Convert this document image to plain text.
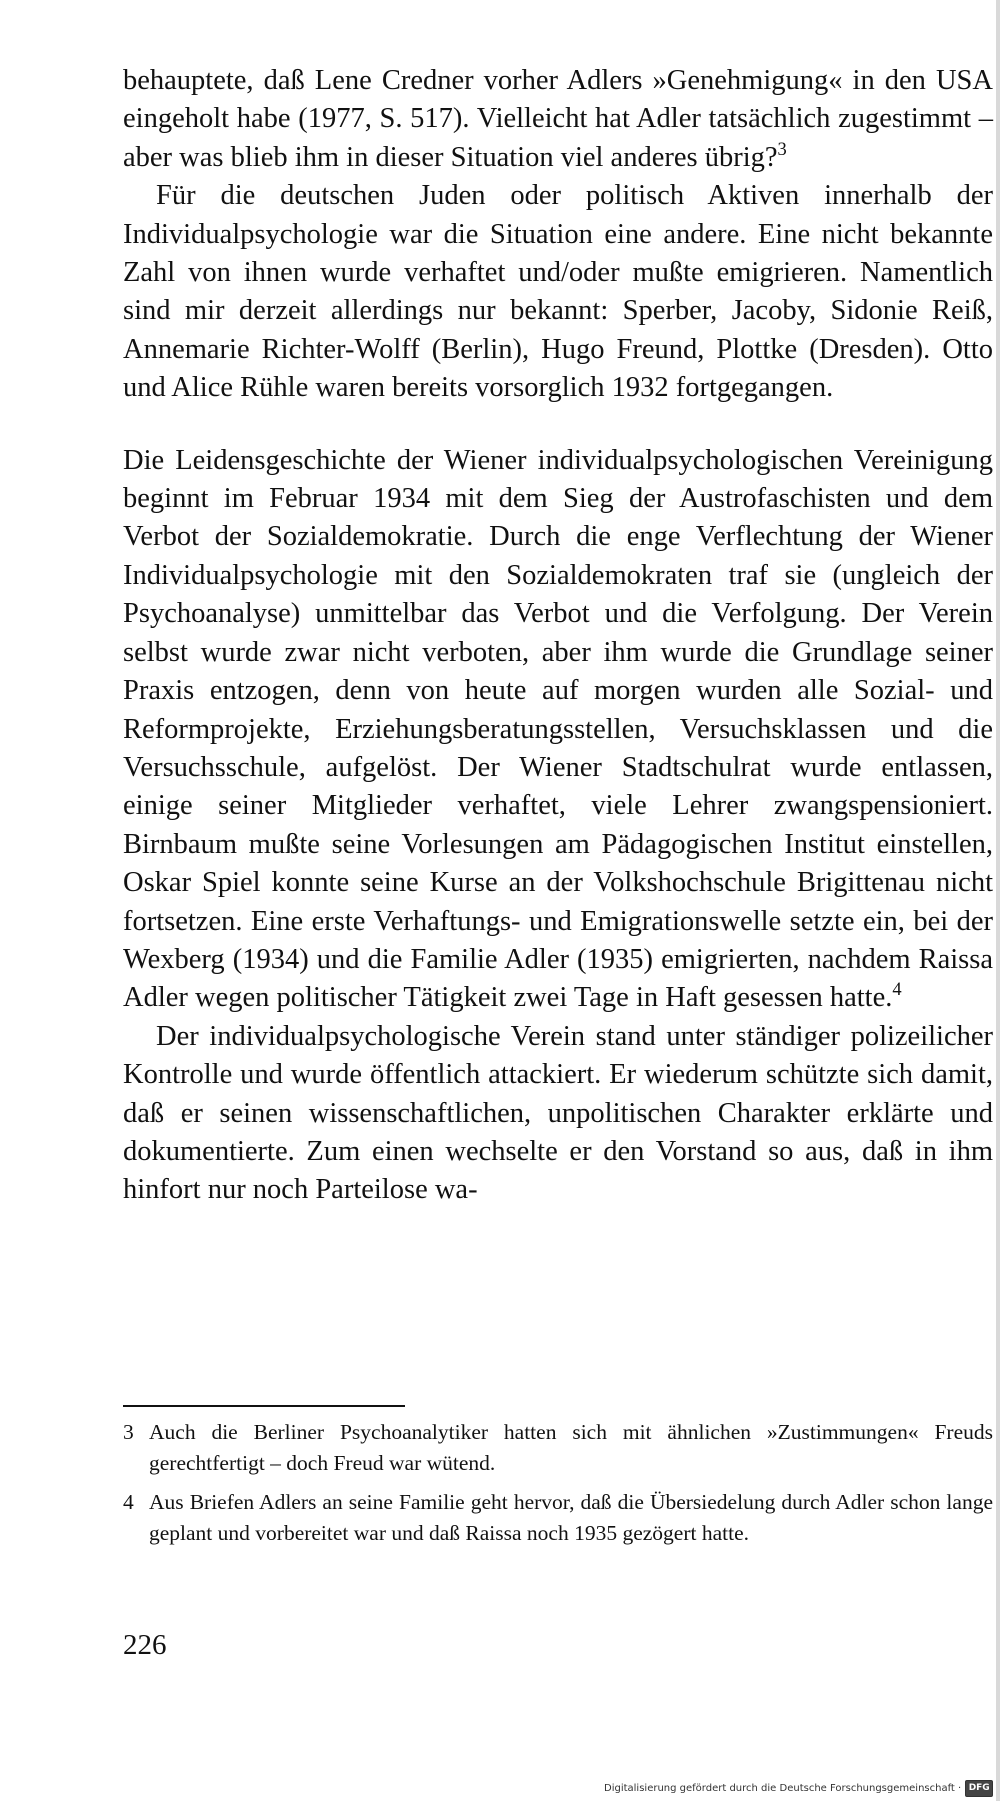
behauptete, daß Lene Credner vorher Adlers »Genehmigung« in den USA eingeholt habe (1977, S. 517). Vielleicht hat Adler tatsächlich zugestimmt – aber was blieb ihm in dieser Situation viel anderes übrig?$^3$

Für die deutschen Juden oder politisch Aktiven innerhalb der Individualpsychologie war die Situation eine andere. Eine nicht bekannte Zahl von ihnen wurde verhaftet und/oder mußte emigrieren. Namentlich sind mir derzeit allerdings nur bekannt: Sperber, Jacoby, Sidonie Reiß, Annemarie Richter-Wolff (Berlin), Hugo Freund, Plottke (Dresden). Otto und Alice Rühle waren bereits vorsorglich 1932 fortgegangen.

Die Leidensgeschichte der Wiener individualpsychologischen Vereinigung beginnt im Februar 1934 mit dem Sieg der Austrofaschisten und dem Verbot der Sozialdemokratie. Durch die enge Verflechtung der Wiener Individualpsychologie mit den Sozialdemokraten traf sie (ungleich der Psychoanalyse) unmittelbar das Verbot und die Verfolgung. Der Verein selbst wurde zwar nicht verboten, aber ihm wurde die Grundlage seiner Praxis entzogen, denn von heute auf morgen wurden alle Sozial- und Reformprojekte, Erziehungsberatungsstellen, Versuchsklassen und die Versuchsschule, aufgelöst. Der Wiener Stadtschulrat wurde entlassen, einige seiner Mitglieder verhaftet, viele Lehrer zwangspensioniert. Birnbaum mußte seine Vorlesungen am Pädagogischen Institut einstellen, Oskar Spiel konnte seine Kurse an der Volkshochschule Brigittenau nicht fortsetzen. Eine erste Verhaftungs- und Emigrationswelle setzte ein, bei der Wexberg (1934) und die Familie Adler (1935) emigrierten, nachdem Raissa Adler wegen politischer Tätigkeit zwei Tage in Haft gesessen hatte.$^4$

Der individualpsychologische Verein stand unter ständiger polizeilicher Kontrolle und wurde öffentlich attackiert. Er wiederum schützte sich damit, daß er seinen wissenschaftlichen, unpolitischen Charakter erklärte und dokumentierte. Zum einen wechselte er den Vorstand so aus, daß in ihm hinfort nur noch Parteilose wa-

3 Auch die Berliner Psychoanalytiker hatten sich mit ähnlichen »Zustimmungen« Freuds gerechtfertigt – doch Freud war wütend.
4 Aus Briefen Adlers an seine Familie geht hervor, daß die Übersiedelung durch Adler schon lange geplant und vorbereitet war und daß Raissa noch 1935 gezögert hatte.
226
Digitalisierung gefördert durch die Deutsche Forschungsgemeinschaft · DFG
